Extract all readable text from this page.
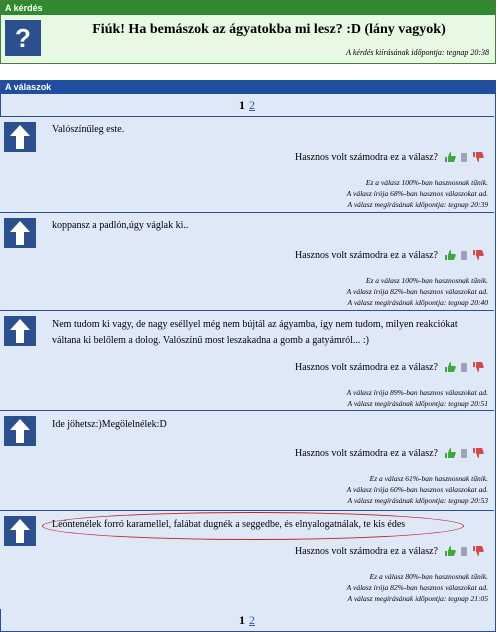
A kérdés
?	Fiúk! Ha bemászok az ágyatokba mi lesz? :D (lány vagyok)
A kérdés kiírásának időpontja: tegnap 20:38
A válaszok
1 2
Valószínűleg este.
Hasznos volt számodra ez a válasz?
Ez a válasz 100%-ban hasznosnak tűnik.
A válasz írója 68%-ban hasznos válaszokat ad.
A válasz megírásának időpontja: tegnap 20:39
koppansz a padlón,úgy váglak ki..
Hasznos volt számodra ez a válasz?
Ez a válasz 100%-ban hasznosnak tűnik.
A válasz írója 82%-ban hasznos válaszokat ad.
A válasz megírásának időpontja: tegnap 20:40
Nem tudom ki vagy, de nagy eséllyel még nem bújtál az ágyamba, így nem tudom, milyen reakciókat váltana ki belőlem a dolog. Valószínű most leszakadna a gomb a gatyámról... :)
Hasznos volt számodra ez a válasz?
A válasz írója 89%-ban hasznos válaszokat ad.
A válasz megírásának időpontja: tegnap 20:51
Ide jöhetsz:)Megölelnélek:D
Hasznos volt számodra ez a válasz?
Ez a válasz 61%-ban hasznosnak tűnik.
A válasz írója 60%-ban hasznos válaszokat ad.
A válasz megírásának időpontja: tegnap 20:53
Leöntenélek forró karamellel, falábat dugnék a seggedbe, és elnyalogatnálak, te kis édes
Hasznos volt számodra ez a válasz?
Ez a válasz 80%-ban hasznosnak tűnik.
A válasz írója 82%-ban hasznos válaszokat ad.
A válasz megírásának időpontja: tegnap 21:05
1 2
